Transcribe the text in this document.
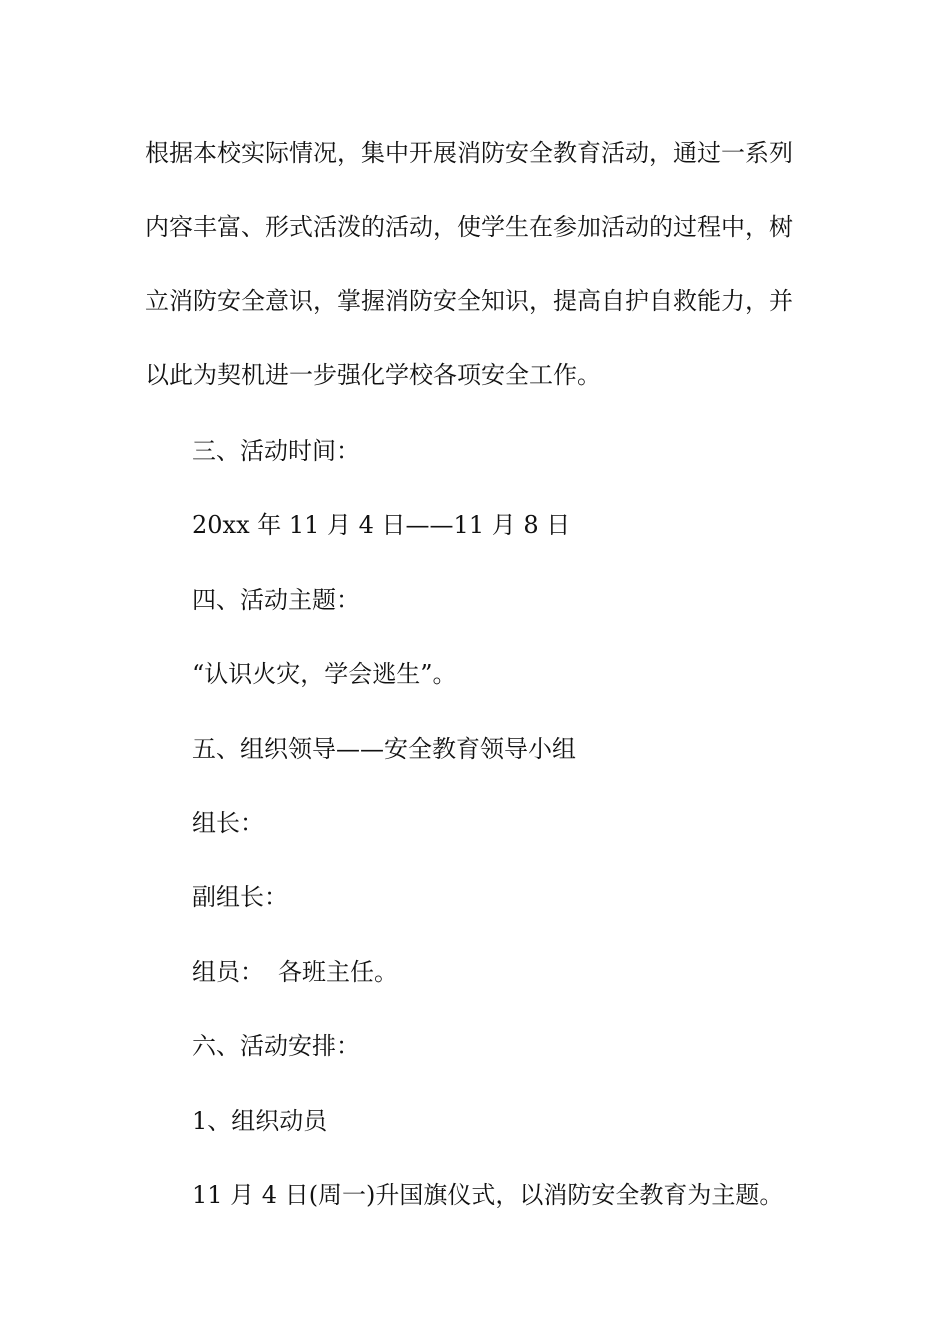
根据本校实际情况，集中开展消防安全教育活动，通过一系列
内容丰富、形式活泼的活动，使学生在参加活动的过程中，树
立消防安全意识，掌握消防安全知识，提高自护自救能力，并
以此为契机进一步强化学校各项安全工作。
三、活动时间：
20xx 年 11 月 4 日——11 月 8 日
四、活动主题：
“认识火灾，学会逃生”。
五、组织领导——安全教育领导小组
组长：
副组长：
组员： 各班主任。
六、活动安排：
1、组织动员
11 月 4 日(周一)升国旗仪式，以消防安全教育为主题。
